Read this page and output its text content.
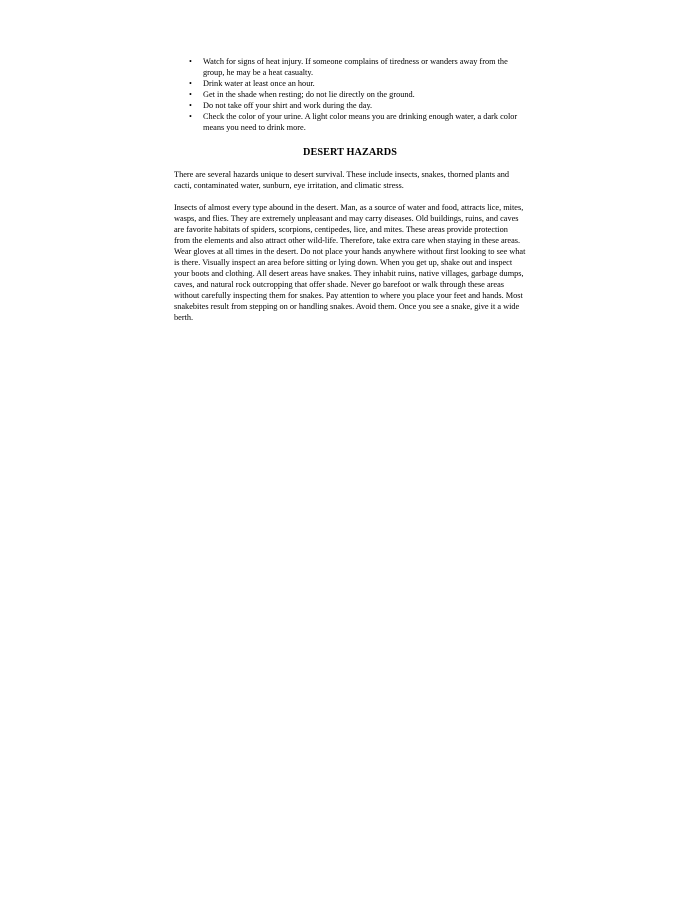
• Watch for signs of heat injury. If someone complains of tiredness or wanders away from the group, he may be a heat casualty.
• Drink water at least once an hour.
• Get in the shade when resting; do not lie directly on the ground.
• Do not take off your shirt and work during the day.
• Check the color of your urine. A light color means you are drinking enough water, a dark color means you need to drink more.
DESERT HAZARDS

There are several hazards unique to desert survival. These include insects, snakes, thorned plants and cacti, contaminated water, sunburn, eye irritation, and climatic stress.

Insects of almost every type abound in the desert. Man, as a source of water and food, attracts lice, mites, wasps, and flies. They are extremely unpleasant and may carry diseases. Old buildings, ruins, and caves are favorite habitats of spiders, scorpions, centipedes, lice, and mites. These areas provide protection from the elements and also attract other wild-life. Therefore, take extra care when staying in these areas. Wear gloves at all times in the desert. Do not place your hands anywhere without first looking to see what is there. Visually inspect an area before sitting or lying down. When you get up, shake out and inspect your boots and clothing. All desert areas have snakes. They inhabit ruins, native villages, garbage dumps, caves, and natural rock outcropping that offer shade. Never go barefoot or walk through these areas without carefully inspecting them for snakes. Pay attention to where you place your feet and hands. Most snakebites result from stepping on or handling snakes. Avoid them. Once you see a snake, give it a wide berth.
